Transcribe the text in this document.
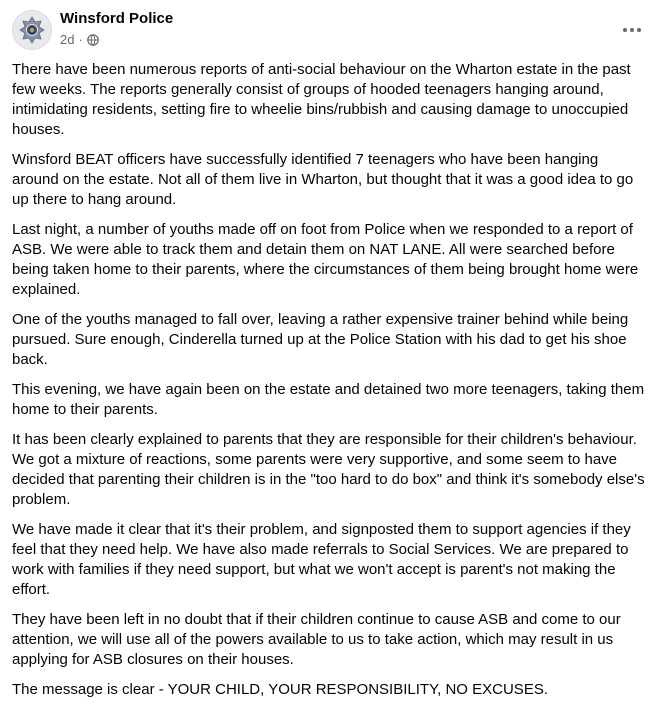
Winsford Police
2d ·

There have been numerous reports of anti-social behaviour on the Wharton estate in the past few weeks. The reports generally consist of groups of hooded teenagers hanging around, intimidating residents, setting fire to wheelie bins/rubbish and causing damage to unoccupied houses.

Winsford BEAT officers have successfully identified 7 teenagers who have been hanging around on the estate. Not all of them live in Wharton, but thought that it was a good idea to go up there to hang around.

Last night, a number of youths made off on foot from Police when we responded to a report of ASB. We were able to track them and detain them on NAT LANE. All were searched before being taken home to their parents, where the circumstances of them being brought home were explained.

One of the youths managed to fall over, leaving a rather expensive trainer behind while being pursued. Sure enough, Cinderella turned up at the Police Station with his dad to get his shoe back.

This evening, we have again been on the estate and detained two more teenagers, taking them home to their parents.

It has been clearly explained to parents that they are responsible for their children's behaviour. We got a mixture of reactions, some parents were very supportive, and some seem to have decided that parenting their children is in the "too hard to do box" and think it's somebody else's problem.

We have made it clear that it's their problem, and signposted them to support agencies if they feel that they need help. We have also made referrals to Social Services. We are prepared to work with families if they need support, but what we won't accept is parent's not making the effort.

They have been left in no doubt that if their children continue to cause ASB and come to our attention, we will use all of the powers available to us to take action, which may result in us applying for ASB closures on their houses.

The message is clear - YOUR CHILD, YOUR RESPONSIBILITY, NO EXCUSES.
